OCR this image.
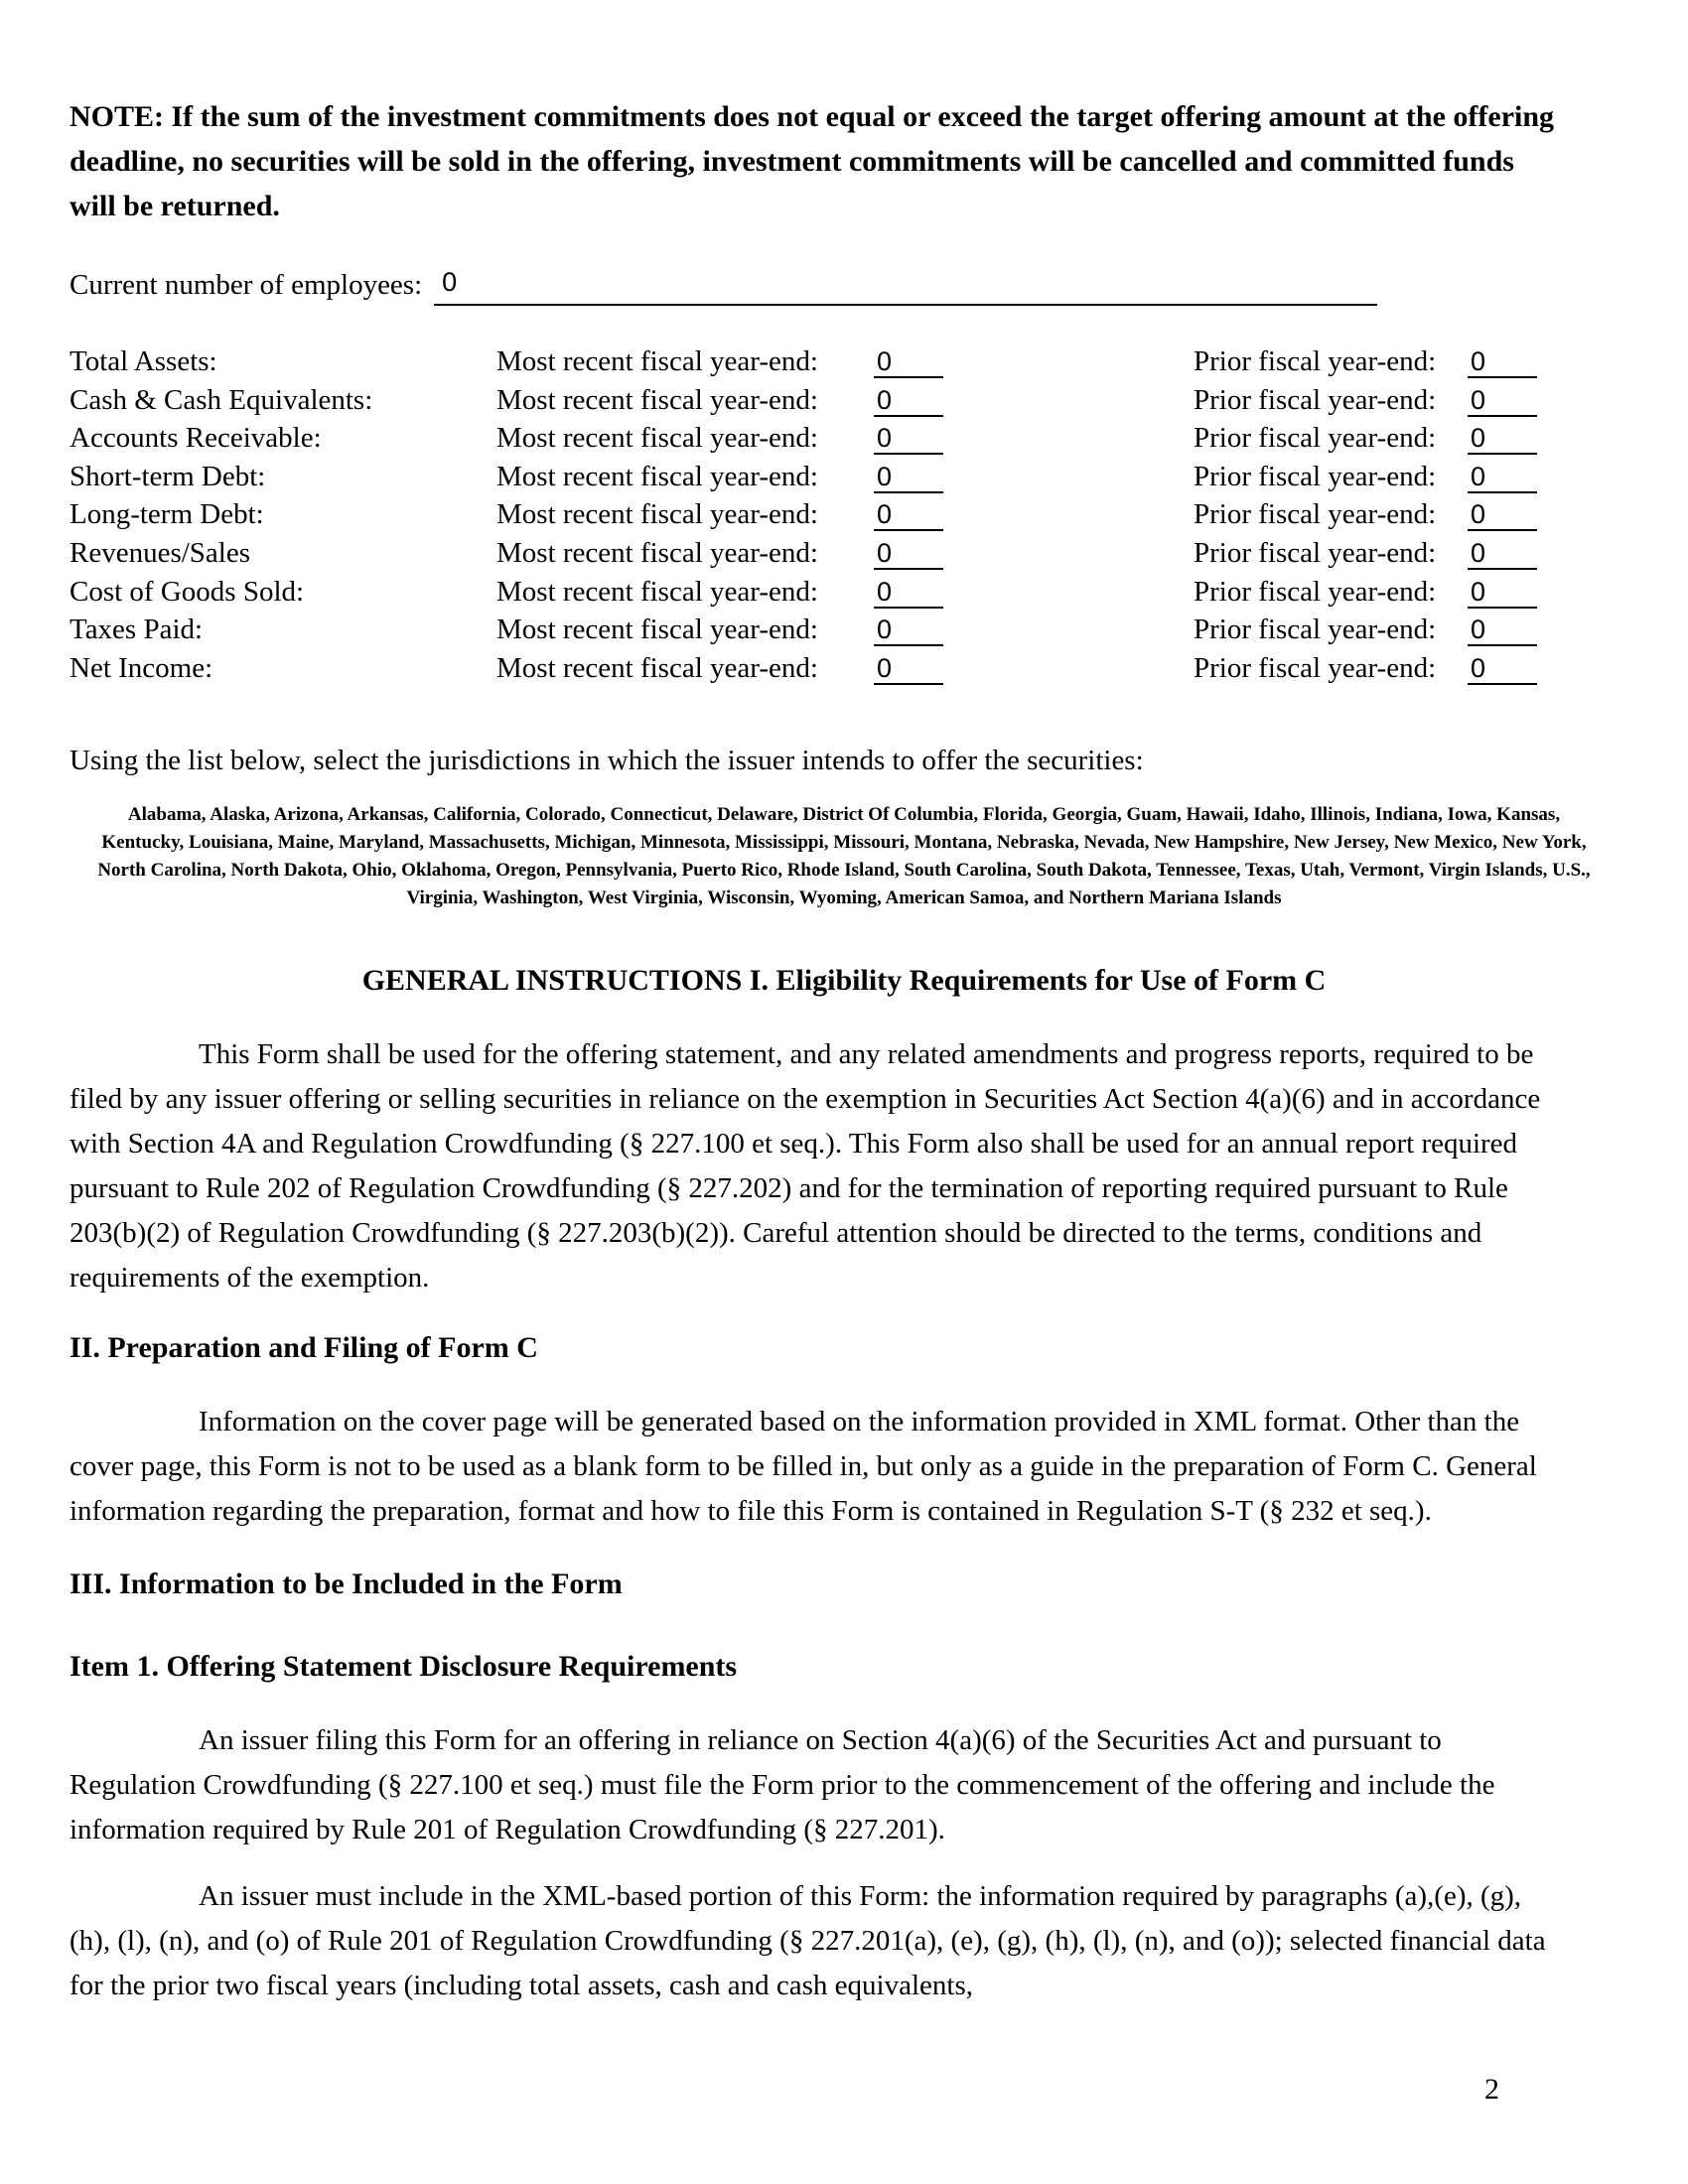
NOTE: If the sum of the investment commitments does not equal or exceed the target offering amount at the offering deadline, no securities will be sold in the offering, investment commitments will be cancelled and committed funds will be returned.

Current number of employees: 0
Total Assets:	Most recent fiscal year-end:	0	Prior fiscal year-end:	0
Cash & Cash Equivalents:	Most recent fiscal year-end:	0	Prior fiscal year-end:	0
Accounts Receivable:	Most recent fiscal year-end:	0	Prior fiscal year-end:	0
Short-term Debt:	Most recent fiscal year-end:	0	Prior fiscal year-end:	0
Long-term Debt:	Most recent fiscal year-end:	0	Prior fiscal year-end:	0
Revenues/Sales	Most recent fiscal year-end:	0	Prior fiscal year-end:	0
Cost of Goods Sold:	Most recent fiscal year-end:	0	Prior fiscal year-end:	0
Taxes Paid:	Most recent fiscal year-end:	0	Prior fiscal year-end:	0
Net Income:	Most recent fiscal year-end:	0	Prior fiscal year-end:	0

Using the list below, select the jurisdictions in which the issuer intends to offer the securities:

Alabama, Alaska, Arizona, Arkansas, California, Colorado, Connecticut, Delaware, District Of Columbia, Florida, Georgia, Guam, Hawaii, Idaho, Illinois, Indiana, Iowa, Kansas, Kentucky, Louisiana, Maine, Maryland, Massachusetts, Michigan, Minnesota, Mississippi, Missouri, Montana, Nebraska, Nevada, New Hampshire, New Jersey, New Mexico, New York, North Carolina, North Dakota, Ohio, Oklahoma, Oregon, Pennsylvania, Puerto Rico, Rhode Island, South Carolina, South Dakota, Tennessee, Texas, Utah, Vermont, Virgin Islands, U.S., Virginia, Washington, West Virginia, Wisconsin, Wyoming, American Samoa, and Northern Mariana Islands

GENERAL INSTRUCTIONS I. Eligibility Requirements for Use of Form C

This Form shall be used for the offering statement, and any related amendments and progress reports, required to be filed by any issuer offering or selling securities in reliance on the exemption in Securities Act Section 4(a)(6) and in accordance with Section 4A and Regulation Crowdfunding (§ 227.100 et seq.). This Form also shall be used for an annual report required pursuant to Rule 202 of Regulation Crowdfunding (§ 227.202) and for the termination of reporting required pursuant to Rule 203(b)(2) of Regulation Crowdfunding (§ 227.203(b)(2)). Careful attention should be directed to the terms, conditions and requirements of the exemption.

II. Preparation and Filing of Form C

Information on the cover page will be generated based on the information provided in XML format. Other than the cover page, this Form is not to be used as a blank form to be filled in, but only as a guide in the preparation of Form C. General information regarding the preparation, format and how to file this Form is contained in Regulation S-T (§ 232 et seq.).

III. Information to be Included in the Form
Item 1. Offering Statement Disclosure Requirements

An issuer filing this Form for an offering in reliance on Section 4(a)(6) of the Securities Act and pursuant to Regulation Crowdfunding (§ 227.100 et seq.) must file the Form prior to the commencement of the offering and include the information required by Rule 201 of Regulation Crowdfunding (§ 227.201).

An issuer must include in the XML-based portion of this Form: the information required by paragraphs (a),(e), (g), (h), (l), (n), and (o) of Rule 201 of Regulation Crowdfunding (§ 227.201(a), (e), (g), (h), (l), (n), and (o)); selected financial data for the prior two fiscal years (including total assets, cash and cash equivalents,

2
